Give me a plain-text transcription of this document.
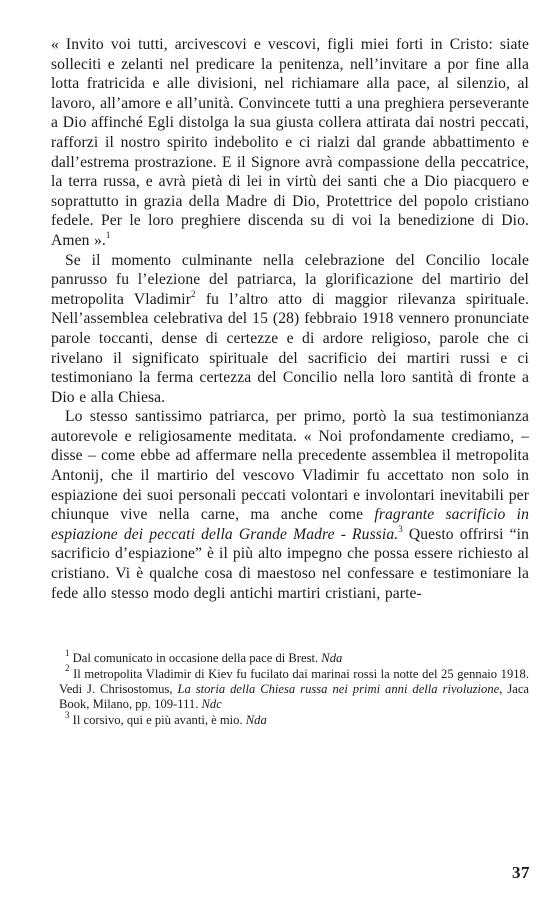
« Invito voi tutti, arcivescovi e vescovi, figli miei forti in Cristo: siate solleciti e zelanti nel predicare la penitenza, nell’invitare a por fine alla lotta fratricida e alle divisioni, nel richiamare alla pace, al silenzio, al lavoro, all’amore e all’unità. Convincete tutti a una preghiera perseverante a Dio affinché Egli distolga la sua giusta collera attirata dai nostri peccati, rafforzi il nostro spirito indebolito e ci rialzi dal grande abbattimento e dall’estrema prostrazione. E il Signore avrà compassione della peccatrice, la terra russa, e avrà pietà di lei in virtù dei santi che a Dio piacquero e soprattutto in grazia della Madre di Dio, Protettrice del popolo cristiano fedele. Per le loro preghiere discenda su di voi la benedizione di Dio. Amen ».$^1$

Se il momento culminante nella celebrazione del Concilio locale panrusso fu l’elezione del patriarca, la glorificazione del martirio del metropolita Vladimir$^2$ fu l’altro atto di maggior rilevanza spirituale. Nell’assemblea celebrativa del 15 (28) febbraio 1918 vennero pronunciate parole toccanti, dense di certezze e di ardore religioso, parole che ci rivelano il significato spirituale del sacrificio dei martiri russi e ci testimoniano la ferma certezza del Concilio nella loro santità di fronte a Dio e alla Chiesa.

Lo stesso santissimo patriarca, per primo, portò la sua testimonianza autorevole e religiosamente meditata. « Noi profondamente crediamo, – disse – come ebbe ad affermare nella precedente assemblea il metropolita Antonij, che il martirio del vescovo Vladimir fu accettato non solo in espiazione dei suoi personali peccati volontari e involontari inevitabili per chiunque vive nella carne, ma anche come fragrante sacrificio in espiazione dei peccati della Grande Madre - Russia.$^3$ Questo offrirsi “in sacrificio d’espiazione” è il più alto impegno che possa essere richiesto al cristiano. Vi è qualche cosa di maestoso nel confessare e testimoniare la fede allo stesso modo degli antichi martiri cristiani, parte-

$^1$ Dal comunicato in occasione della pace di Brest. Nda

$^2$ Il metropolita Vladimir di Kiev fu fucilato dai marinai rossi la notte del 25 gennaio 1918. Vedi J. Chrisostomus, La storia della Chiesa russa nei primi anni della rivoluzione, Jaca Book, Milano, pp. 109-111. Ndc

$^3$ Il corsivo, qui e più avanti, è mio. Nda

37
